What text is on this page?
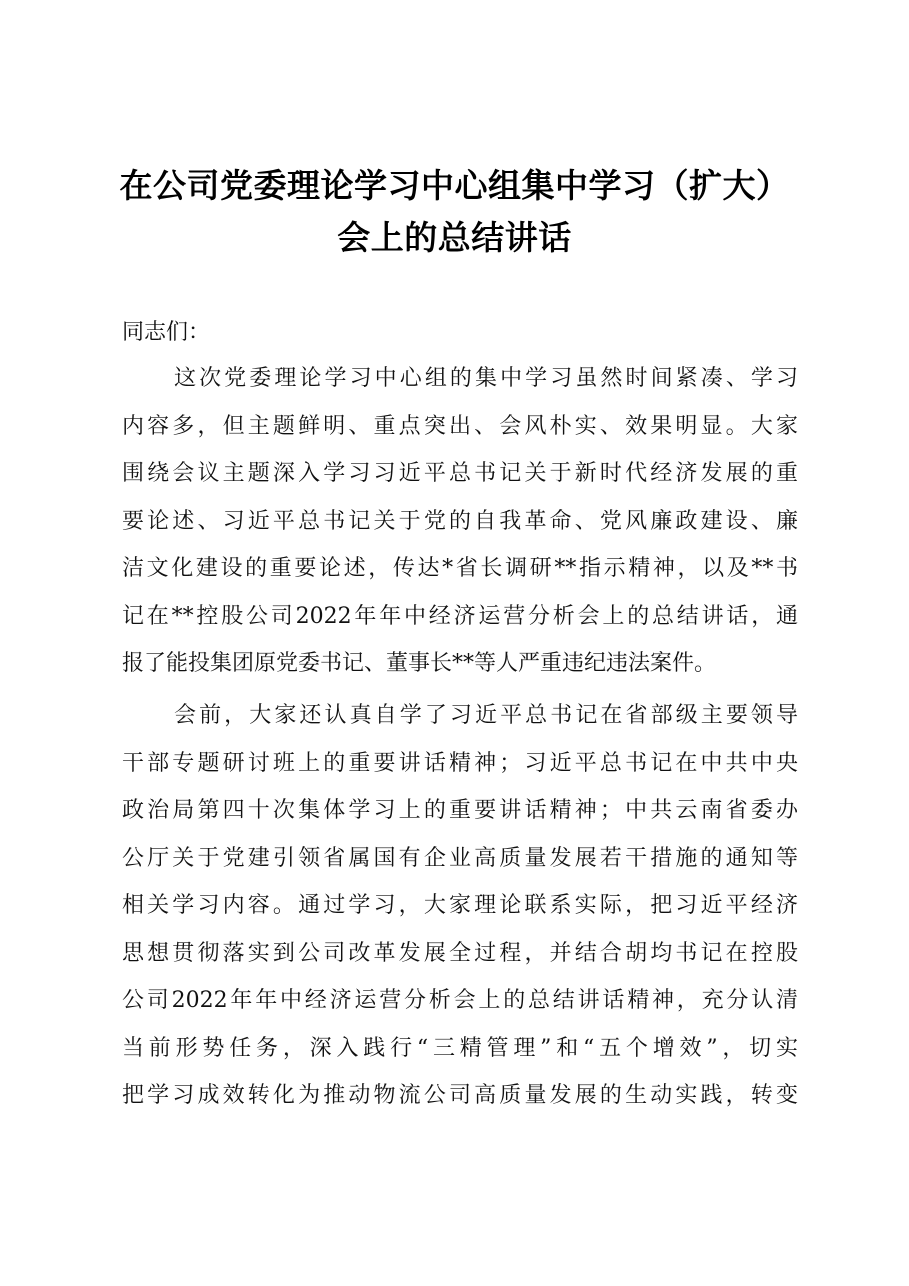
在公司党委理论学习中心组集中学习（扩大）
会上的总结讲话
同志们：
这次党委理论学习中心组的集中学习虽然时间紧凑、学习
内容多，但主题鲜明、重点突出、会风朴实、效果明显。大家
围绕会议主题深入学习习近平总书记关于新时代经济发展的重
要论述、习近平总书记关于党的自我革命、党风廉政建设、廉
洁文化建设的重要论述，传达*省长调研**指示精神，以及**书
记在**控股公司2022年年中经济运营分析会上的总结讲话，通
报了能投集团原党委书记、董事长**等人严重违纪违法案件。
会前，大家还认真自学了习近平总书记在省部级主要领导
干部专题研讨班上的重要讲话精神；习近平总书记在中共中央
政治局第四十次集体学习上的重要讲话精神；中共云南省委办
公厅关于党建引领省属国有企业高质量发展若干措施的通知等
相关学习内容。通过学习，大家理论联系实际，把习近平经济
思想贯彻落实到公司改革发展全过程，并结合胡均书记在控股
公司2022年年中经济运营分析会上的总结讲话精神，充分认清
当前形势任务，深入践行“三精管理”和“五个增效”，切实
把学习成效转化为推动物流公司高质量发展的生动实践，转变
